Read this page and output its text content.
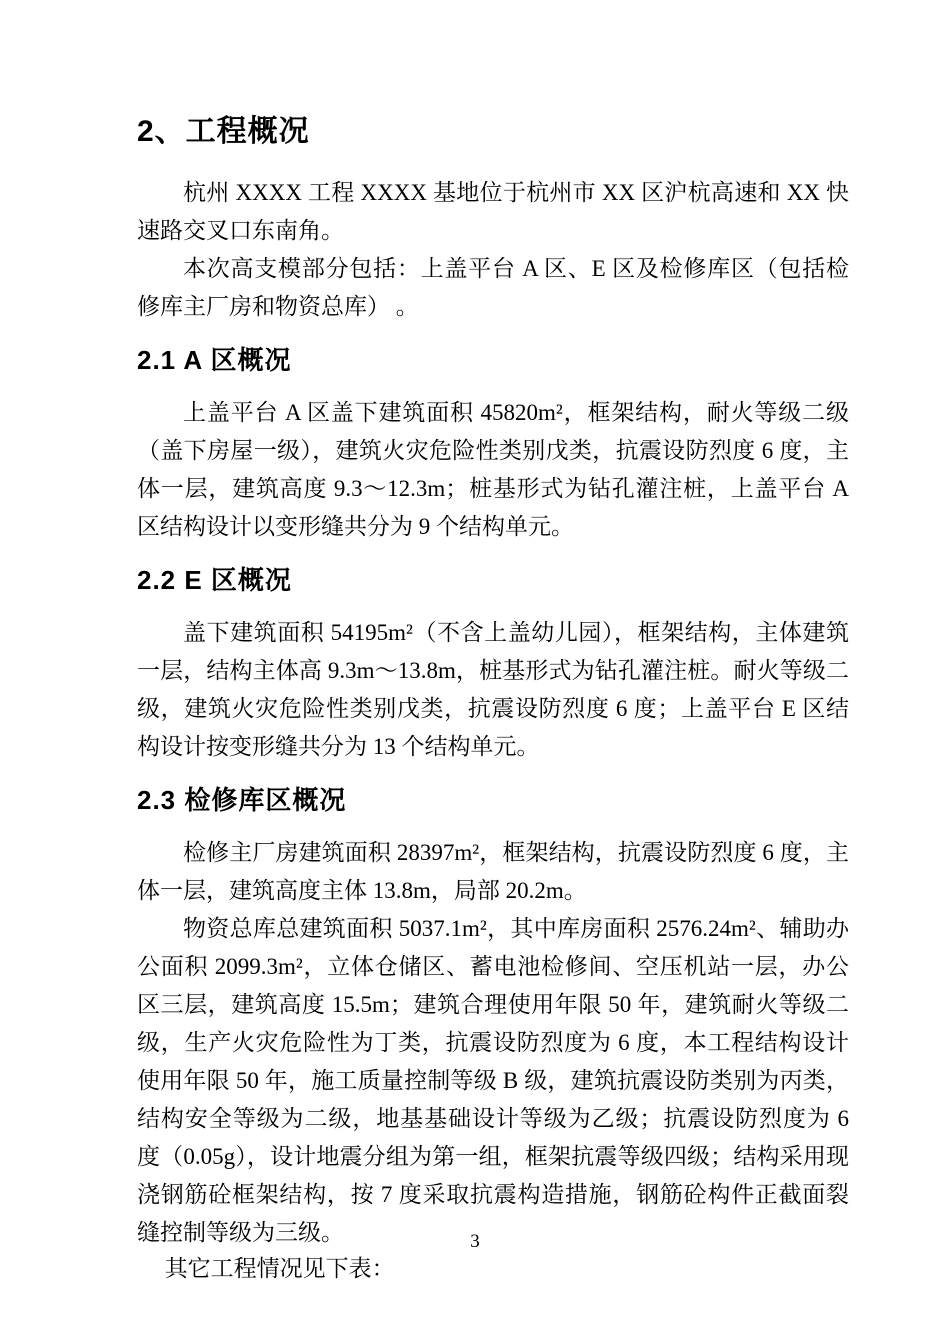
2、工程概况

杭州 XXXX 工程 XXXX 基地位于杭州市 XX 区沪杭高速和 XX 快速路交叉口东南角。

本次高支模部分包括：上盖平台 A 区、E 区及检修库区（包括检修库主厂房和物资总库） 。

2.1 A 区概况

上盖平台 A 区盖下建筑面积 45820m²，框架结构，耐火等级二级（盖下房屋一级），建筑火灾危险性类别戊类，抗震设防烈度 6 度，主体一层，建筑高度 9.3～12.3m；桩基形式为钻孔灌注桩，上盖平台 A 区结构设计以变形缝共分为 9 个结构单元。

2.2 E 区概况

盖下建筑面积 54195m²（不含上盖幼儿园），框架结构，主体建筑一层，结构主体高 9.3m～13.8m，桩基形式为钻孔灌注桩。耐火等级二级，建筑火灾危险性类别戊类，抗震设防烈度 6 度；上盖平台 E 区结构设计按变形缝共分为 13 个结构单元。

2.3 检修库区概况

检修主厂房建筑面积 28397m²，框架结构，抗震设防烈度 6 度，主体一层，建筑高度主体 13.8m，局部 20.2m。

物资总库总建筑面积 5037.1m²，其中库房面积 2576.24m²、辅助办公面积 2099.3m²，立体仓储区、蓄电池检修间、空压机站一层，办公区三层，建筑高度 15.5m；建筑合理使用年限 50 年，建筑耐火等级二级，生产火灾危险性为丁类，抗震设防烈度为 6 度，本工程结构设计使用年限 50 年，施工质量控制等级 B 级，建筑抗震设防类别为丙类，结构安全等级为二级，地基基础设计等级为乙级；抗震设防烈度为 6 度（0.05g），设计地震分组为第一组，框架抗震等级四级；结构采用现浇钢筋砼框架结构，按 7 度采取抗震构造措施，钢筋砼构件正截面裂缝控制等级为三级。

其它工程情况见下表：

3
